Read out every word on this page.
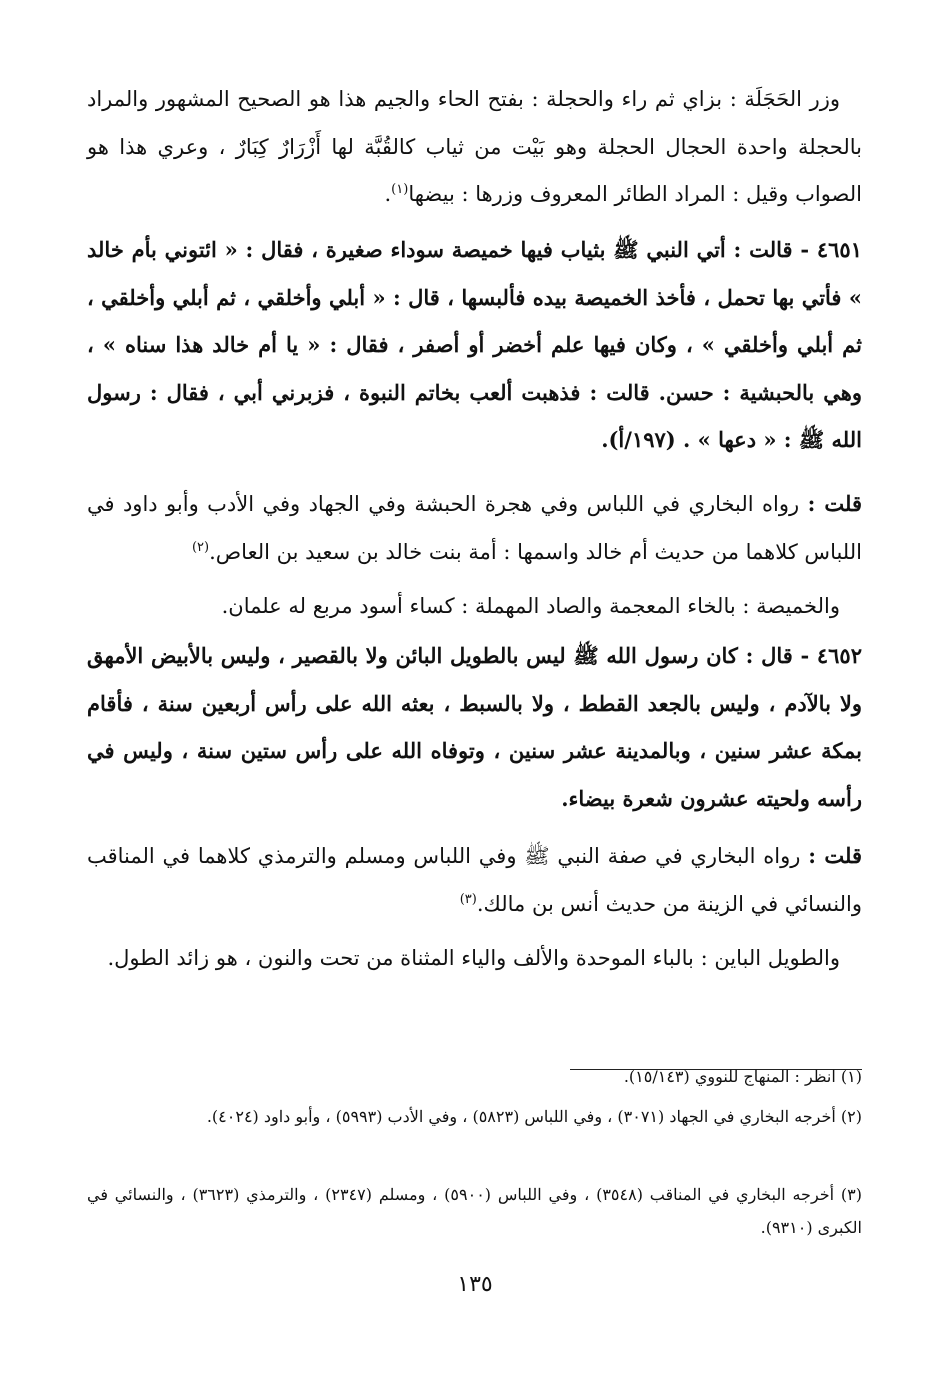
وزر الحَجَلَة : بزاي ثم راء والحجلة : بفتح الحاء والجيم هذا هو الصحيح المشهور والمراد بالحجلة واحدة الحجال الحجلة وهو بَيْت من ثياب كالقُبَّة لها أَزْرَارٌ كِبَارٌ ، وعري هذا هو الصواب وقيل : المراد الطائر المعروف وزرها : بيضها$^{(١)}$.

٤٦٥١ - قالت : أتي النبي ﷺ بثياب فيها خميصة سوداء صغيرة ، فقال : « ائتوني بأم خالد » فأتي بها تحمل ، فأخذ الخميصة بيده فألبسها ، قال : « أبلي وأخلقي ، ثم أبلي وأخلقي ، ثم أبلي وأخلقي » ، وكان فيها علم أخضر أو أصفر ، فقال : « يا أم خالد هذا سناه » ، وهي بالحبشية : حسن. قالت : فذهبت ألعب بخاتم النبوة ، فزبرني أبي ، فقال : رسول الله ﷺ : « دعها » . (١٩٧/أ).

قلت : رواه البخاري في اللباس وفي هجرة الحبشة وفي الجهاد وفي الأدب وأبو داود في اللباس كلاهما من حديث أم خالد واسمها : أمة بنت خالد بن سعيد بن العاص.$^{(٢)}$

والخميصة : بالخاء المعجمة والصاد المهملة : كساء أسود مربع له علمان.

٤٦٥٢ - قال : كان رسول الله ﷺ ليس بالطويل البائن ولا بالقصير ، وليس بالأبيض الأمهق ولا بالآدم ، وليس بالجعد القطط ، ولا بالسبط ، بعثه الله على رأس أربعين سنة ، فأقام بمكة عشر سنين ، وبالمدينة عشر سنين ، وتوفاه الله على رأس ستين سنة ، وليس في رأسه ولحيته عشرون شعرة بيضاء.

قلت : رواه البخاري في صفة النبي ﷺ وفي اللباس ومسلم والترمذي كلاهما في المناقب والنسائي في الزينة من حديث أنس بن مالك.$^{(٣)}$

والطويل الباين : بالباء الموحدة والألف والياء المثناة من تحت والنون ، هو زائد الطول.

(١) انظر : المنهاج للنووي (١٥/١٤٣).

(٢) أخرجه البخاري في الجهاد (٣٠٧١) ، وفي اللباس (٥٨٢٣) ، وفي الأدب (٥٩٩٣) ، وأبو داود (٤٠٢٤).

(٣) أخرجه البخاري في المناقب (٣٥٤٨) ، وفي اللباس (٥٩٠٠) ، ومسلم (٢٣٤٧) ، والترمذي (٣٦٢٣) ، والنسائي في الكبرى (٩٣١٠).

١٣٥
